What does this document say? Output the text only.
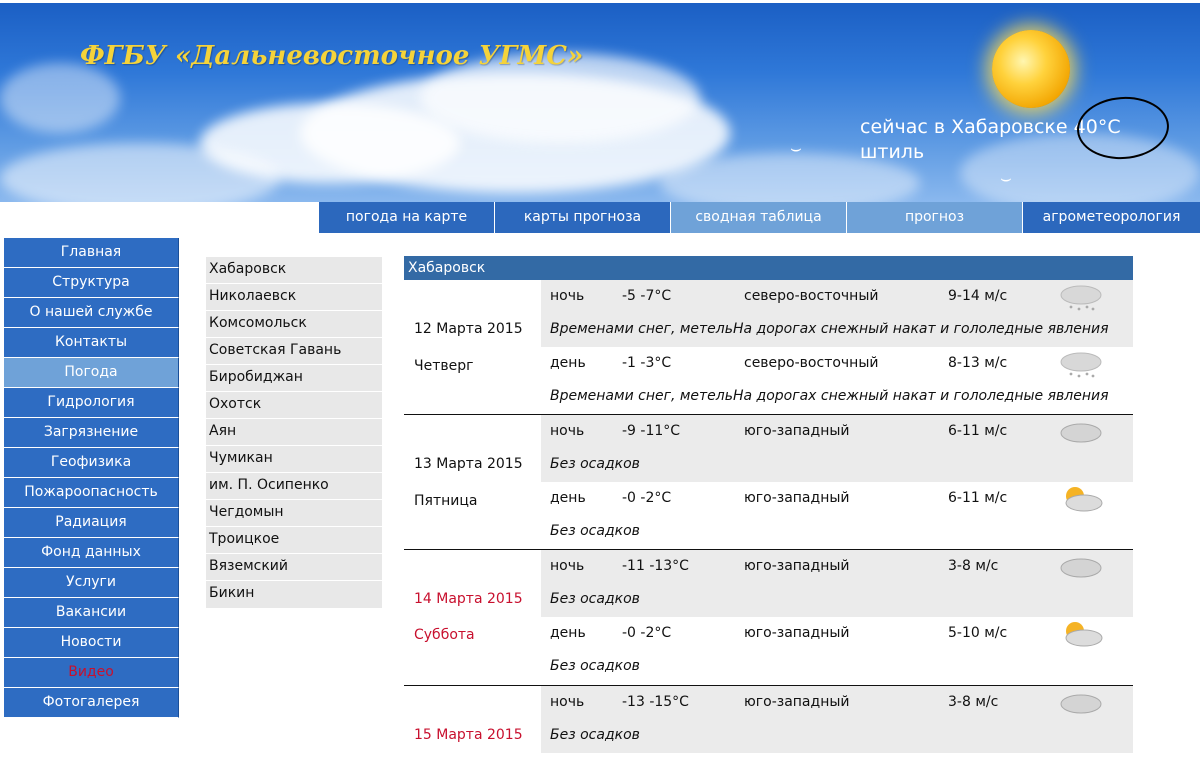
⌣
⌣
ФГБУ «Дальневосточное УГМС»
сейчас в Хабаровске 40°C
штиль
погода на карте	карты прогноза	сводная таблица	прогноз	агрометеорология
Главная
Структура
О нашей службе
Контакты
Погода
Гидрология
Загрязнение
Геофизика
Пожароопасность
Радиация
Фонд данных
Услуги
Вакансии
Новости
Видео
Фотогалерея
Хабаровск
Николаевск
Комсомольск
Советская Гавань
Биробиджан
Охотск
Аян
Чумикан
им. П. Осипенко
Чегдомын
Троицкое
Вяземский
Бикин
Хабаровск
12 Марта 2015
Четверг
ночь	-5 -7°C	северо-восточный	9-14 м/с
Временами снег, метельНа дорогах снежный накат и гололедные явления
день	-1 -3°C	северо-восточный	8-13 м/с
Временами снег, метельНа дорогах снежный накат и гололедные явления
13 Марта 2015
Пятница
ночь	-9 -11°C	юго-западный	6-11 м/с
Без осадков
день	-0 -2°C	юго-западный	6-11 м/с
Без осадков
14 Марта 2015
Суббота
ночь	-11 -13°C	юго-западный	3-8 м/с
Без осадков
день	-0 -2°C	юго-западный	5-10 м/с
Без осадков
15 Марта 2015
ночь	-13 -15°C	юго-западный	3-8 м/с
Без осадков
